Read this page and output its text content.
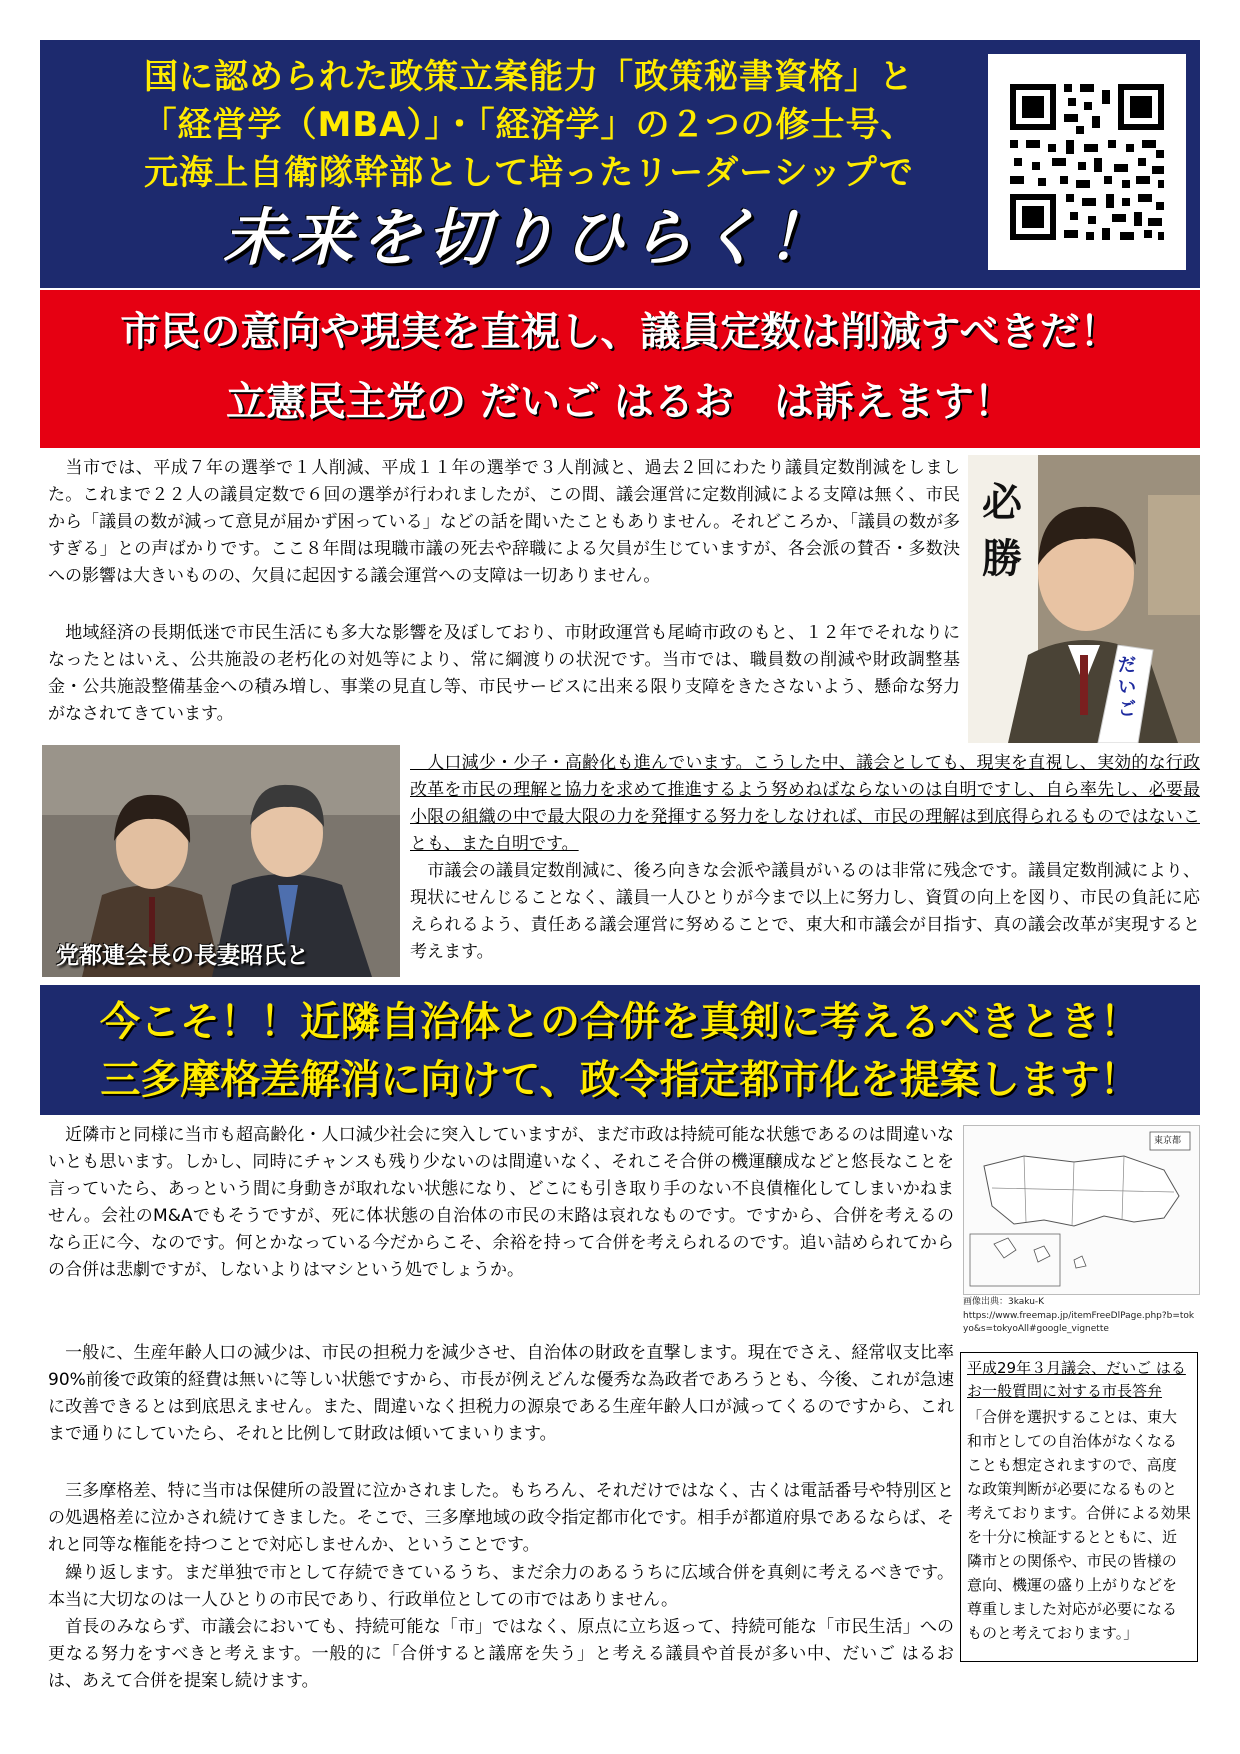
国に認められた政策立案能力「政策秘書資格」と
「経営学（MBA）」・「経済学」の２つの修士号、
元海上自衛隊幹部として培ったリーダーシップで
未来を切りひらく！
市民の意向や現実を直視し、議員定数は削減すべきだ！
立憲民主党の だいご はるお　は訴えます！

　当市では、平成７年の選挙で１人削減、平成１１年の選挙で３人削減と、過去２回にわたり議員定数削減をしました。これまで２２人の議員定数で６回の選挙が行われましたが、この間、議会運営に定数削減による支障は無く、市民から「議員の数が減って意見が届かず困っている」などの話を聞いたこともありません。それどころか、「議員の数が多すぎる」との声ばかりです。ここ８年間は現職市議の死去や辞職による欠員が生じていますが、各会派の賛否・多数決への影響は大きいものの、欠員に起因する議会運営への支障は一切ありません。

　地域経済の長期低迷で市民生活にも多大な影響を及ぼしており、市財政運営も尾崎市政のもと、１２年でそれなりになったとはいえ、公共施設の老朽化の対処等により、常に綱渡りの状況です。当市では、職員数の削減や財政調整基金・公共施設整備基金への積み増し、事業の見直し等、市民サービスに出来る限り支障をきたさないよう、懸命な努力がなされてきています。

必勝
だいご
党都連会長の長妻昭氏と

　人口減少・少子・高齢化も進んでいます。こうした中、議会としても、現実を直視し、実効的な行政改革を市民の理解と協力を求めて推進するよう努めねばならないのは自明ですし、自ら率先し、必要最小限の組織の中で最大限の力を発揮する努力をしなければ、市民の理解は到底得られるものではないことも、また自明です。

　市議会の議員定数削減に、後ろ向きな会派や議員がいるのは非常に残念です。議員定数削減により、現状にせんじることなく、議員一人ひとりが今まで以上に努力し、資質の向上を図り、市民の負託に応えられるよう、責任ある議会運営に努めることで、東大和市議会が目指す、真の議会改革が実現すると考えます。

今こそ！！近隣自治体との合併を真剣に考えるべきとき！
三多摩格差解消に向けて、政令指定都市化を提案します！

　近隣市と同様に当市も超高齢化・人口減少社会に突入していますが、まだ市政は持続可能な状態であるのは間違いないとも思います。しかし、同時にチャンスも残り少ないのは間違いなく、それこそ合併の機運醸成などと悠長なことを言っていたら、あっという間に身動きが取れない状態になり、どこにも引き取り手のない不良債権化してしまいかねません。会社のM&Aでもそうですが、死に体状態の自治体の市民の末路は哀れなものです。ですから、合併を考えるのなら正に今、なのです。何とかなっている今だからこそ、余裕を持って合併を考えられるのです。追い詰められてからの合併は悲劇ですが、しないよりはマシという処でしょうか。

　一般に、生産年齢人口の減少は、市民の担税力を減少させ、自治体の財政を直撃します。現在でさえ、経常収支比率 90%前後で政策的経費は無いに等しい状態ですから、市長が例えどんな優秀な為政者であろうとも、今後、これが急速に改善できるとは到底思えません。また、間違いなく担税力の源泉である生産年齢人口が減ってくるのですから、これまで通りにしていたら、それと比例して財政は傾いてまいります。

　三多摩格差、特に当市は保健所の設置に泣かされました。もちろん、それだけではなく、古くは電話番号や特別区との処遇格差に泣かされ続けてきました。そこで、三多摩地域の政令指定都市化です。相手が都道府県であるならば、それと同等な権能を持つことで対応しませんか、ということです。

　繰り返します。まだ単独で市として存続できているうち、まだ余力のあるうちに広域合併を真剣に考えるべきです。本当に大切なのは一人ひとりの市民であり、行政単位としての市ではありません。

　首長のみならず、市議会においても、持続可能な「市」ではなく、原点に立ち返って、持続可能な「市民生活」への更なる努力をすべきと考えます。一般的に「合併すると議席を失う」と考える議員や首長が多い中、だいご はるお は、あえて合併を提案し続けます。

東京都
画像出典：3kaku-K
https://www.freemap.jp/itemFreeDlPage.php?b=tok
yo&s=tokyoAll#google_vignette
平成29年３月議会、だいご はるお一般質問に対する市長答弁
「合併を選択することは、東大和市としての自治体がなくなることも想定されますので、高度な政策判断が必要になるものと考えております。合併による効果を十分に検証するとともに、近隣市との関係や、市民の皆様の意向、機運の盛り上がりなどを尊重しました対応が必要になるものと考えております。」
